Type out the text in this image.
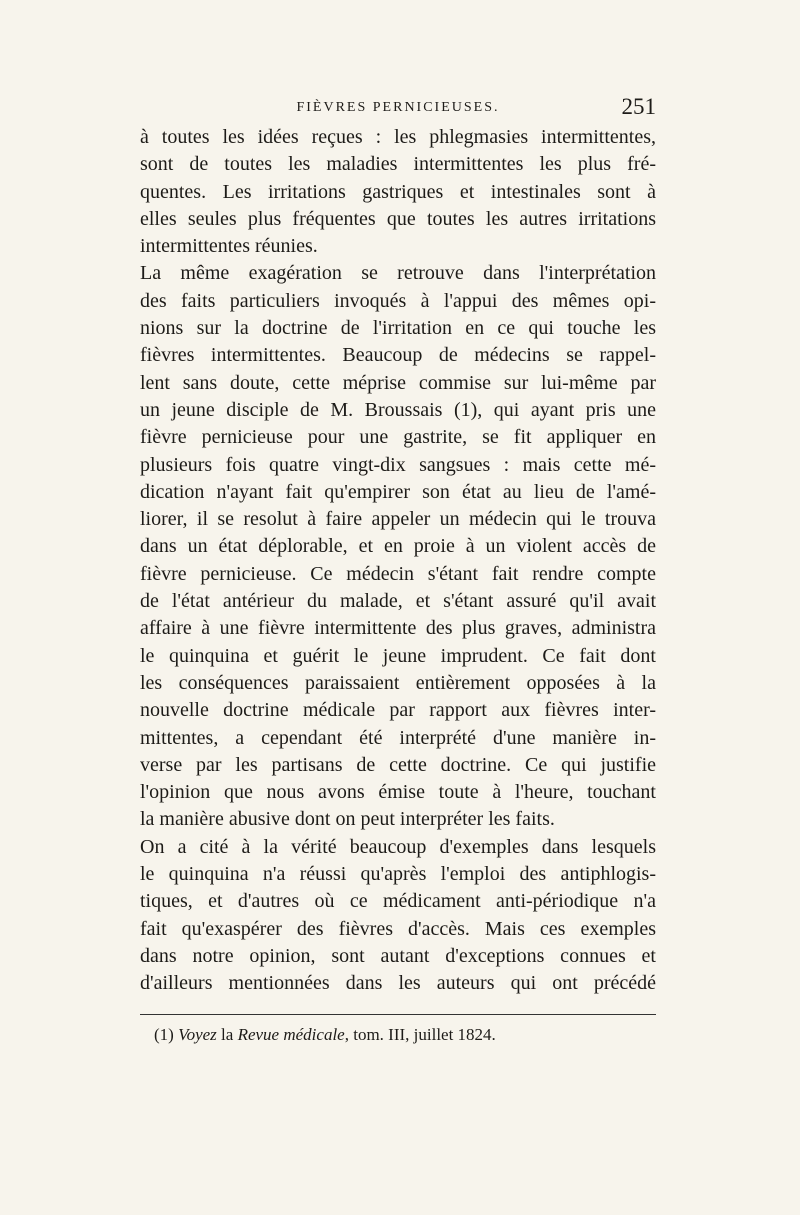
FIÈVRES PERNICIEUSES.	251

à toutes les idées reçues : les phlegmasies intermittentes,

sont de toutes les maladies intermittentes les plus fré-

quentes. Les irritations gastriques et intestinales sont à

elles seules plus fréquentes que toutes les autres irritations

intermittentes réunies.

La même exagération se retrouve dans l'interprétation

des faits particuliers invoqués à l'appui des mêmes opi-

nions sur la doctrine de l'irritation en ce qui touche les

fièvres intermittentes. Beaucoup de médecins se rappel-

lent sans doute, cette méprise commise sur lui-même par

un jeune disciple de M. Broussais (1), qui ayant pris une

fièvre pernicieuse pour une gastrite, se fit appliquer en

plusieurs fois quatre vingt-dix sangsues : mais cette mé-

dication n'ayant fait qu'empirer son état au lieu de l'amé-

liorer, il se resolut à faire appeler un médecin qui le trouva

dans un état déplorable, et en proie à un violent accès de

fièvre pernicieuse. Ce médecin s'étant fait rendre compte

de l'état antérieur du malade, et s'étant assuré qu'il avait

affaire à une fièvre intermittente des plus graves, administra

le quinquina et guérit le jeune imprudent. Ce fait dont

les conséquences paraissaient entièrement opposées à la

nouvelle doctrine médicale par rapport aux fièvres inter-

mittentes, a cependant été interprété d'une manière in-

verse par les partisans de cette doctrine. Ce qui justifie

l'opinion que nous avons émise toute à l'heure, touchant

la manière abusive dont on peut interpréter les faits.

On a cité à la vérité beaucoup d'exemples dans lesquels

le quinquina n'a réussi qu'après l'emploi des antiphlogis-

tiques, et d'autres où ce médicament anti-périodique n'a

fait qu'exaspérer des fièvres d'accès. Mais ces exemples

dans notre opinion, sont autant d'exceptions connues et

d'ailleurs mentionnées dans les auteurs qui ont précédé

(1) Voyez la Revue médicale, tom. III, juillet 1824.
